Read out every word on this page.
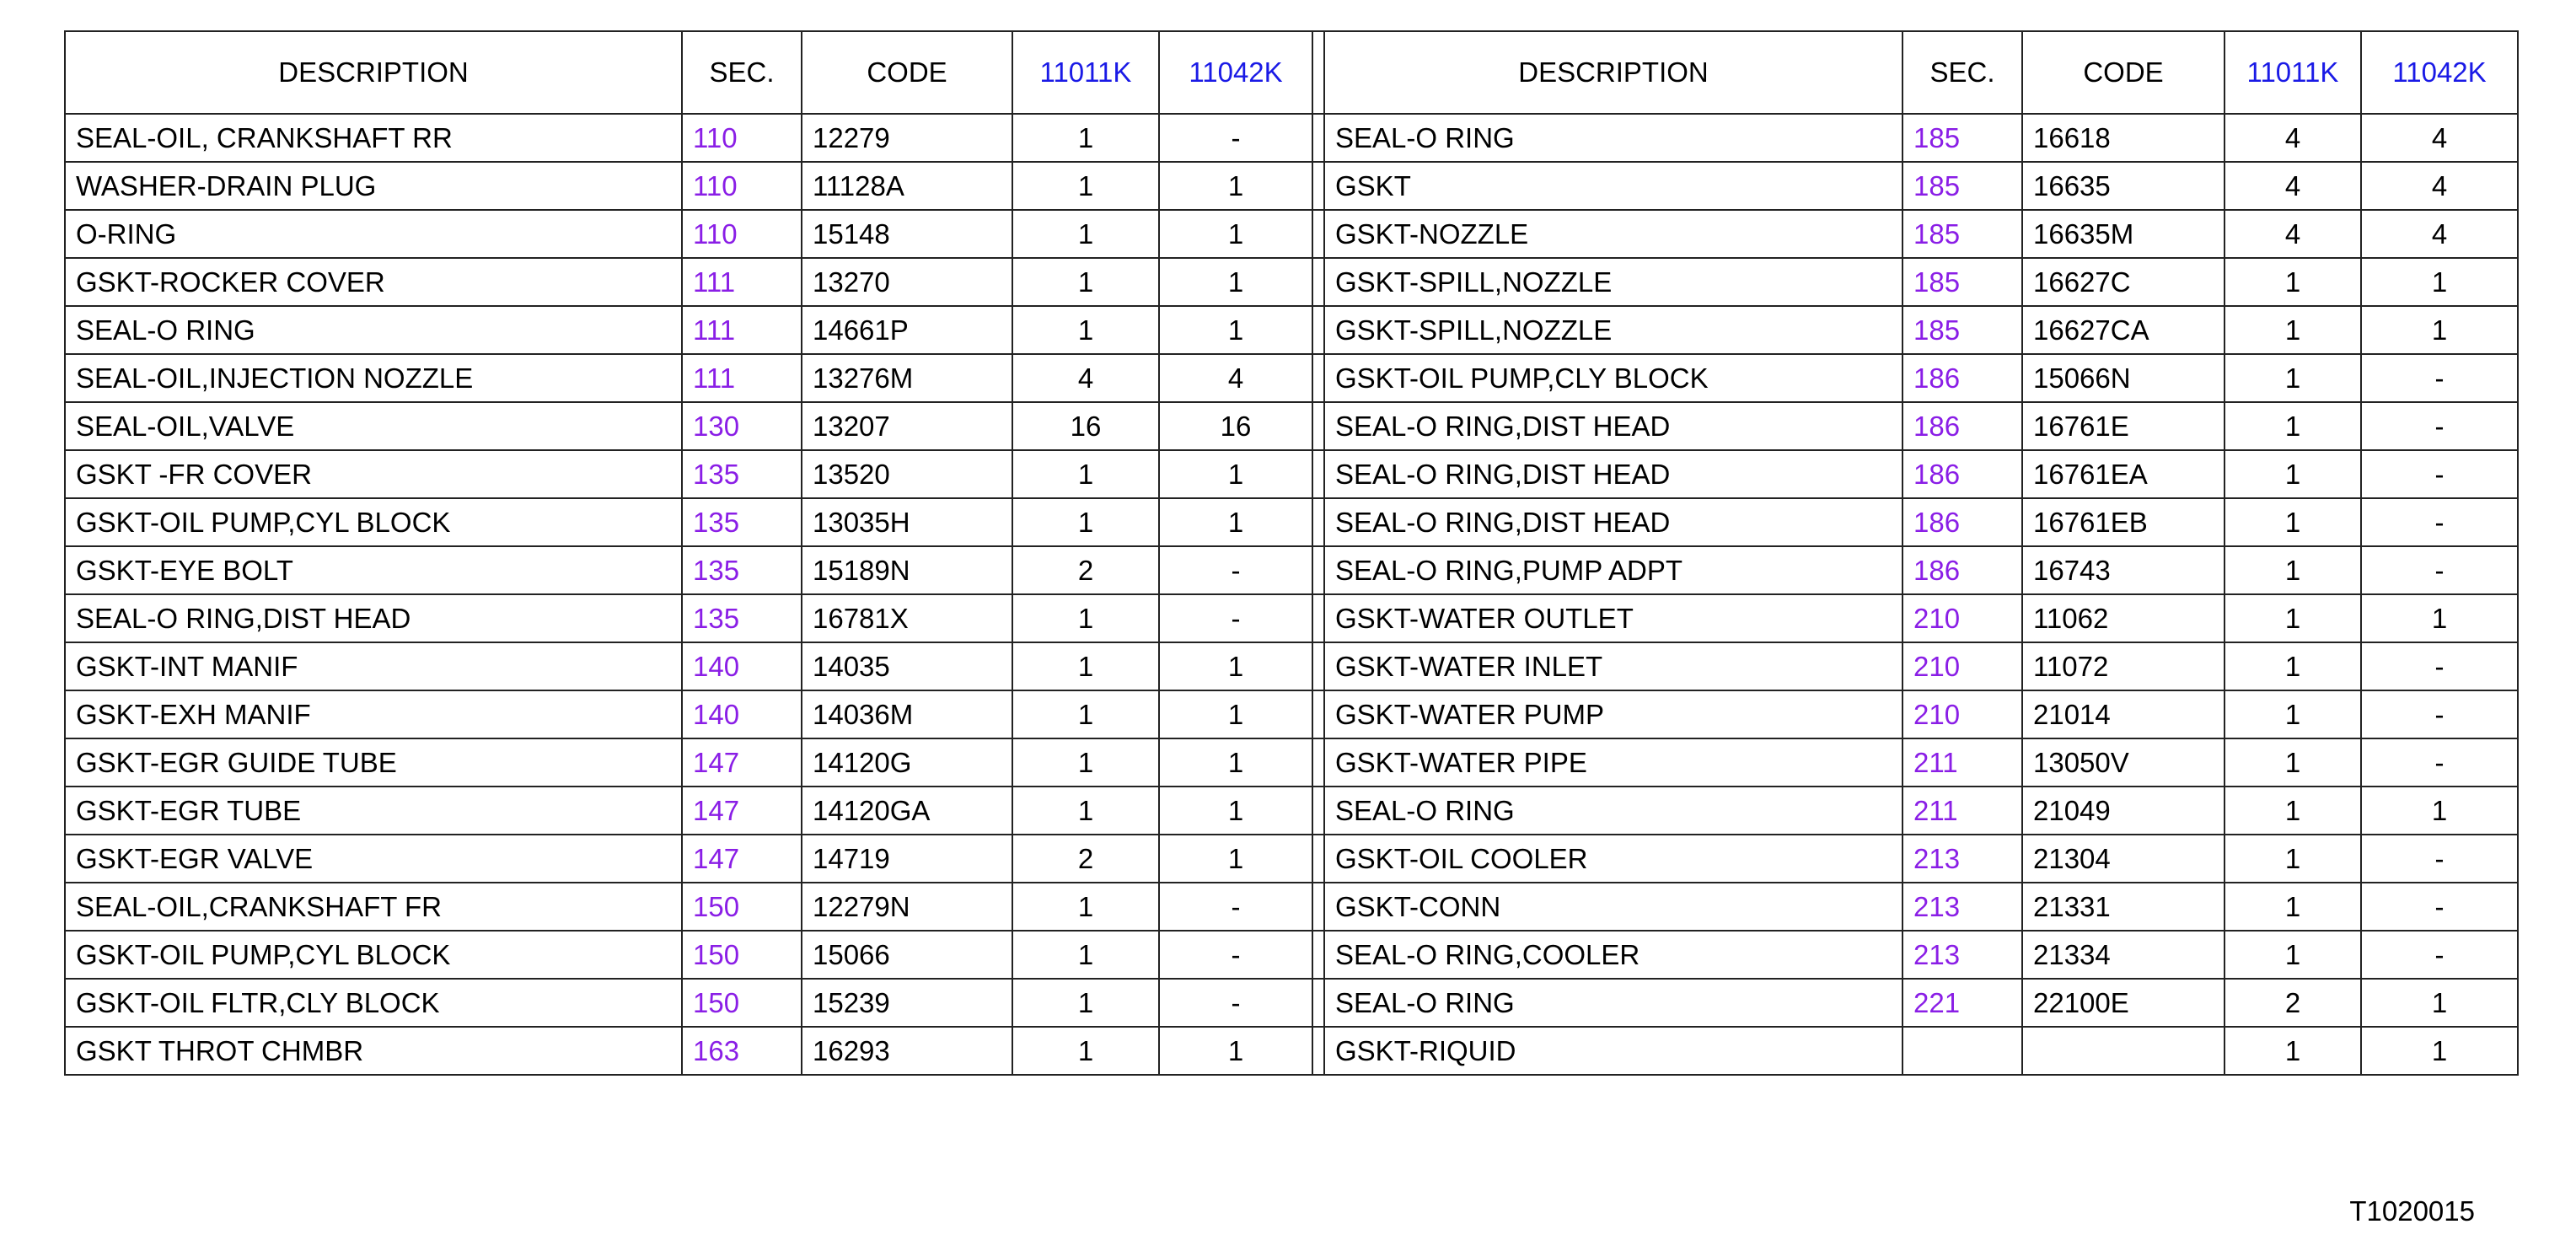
DESCRIPTION	SEC.	CODE	11011K	11042K		DESCRIPTION	SEC.	CODE	11011K	11042K
SEAL-OIL, CRANKSHAFT RR	110	12279	1	-		SEAL-O RING	185	16618	4	4
WASHER-DRAIN PLUG	110	11128A	1	1		GSKT	185	16635	4	4
O-RING	110	15148	1	1		GSKT-NOZZLE	185	16635M	4	4
GSKT-ROCKER COVER	111	13270	1	1		GSKT-SPILL,NOZZLE	185	16627C	1	1
SEAL-O RING	111	14661P	1	1		GSKT-SPILL,NOZZLE	185	16627CA	1	1
SEAL-OIL,INJECTION NOZZLE	111	13276M	4	4		GSKT-OIL PUMP,CLY BLOCK	186	15066N	1	-
SEAL-OIL,VALVE	130	13207	16	16		SEAL-O RING,DIST HEAD	186	16761E	1	-
GSKT -FR COVER	135	13520	1	1		SEAL-O RING,DIST HEAD	186	16761EA	1	-
GSKT-OIL PUMP,CYL BLOCK	135	13035H	1	1		SEAL-O RING,DIST HEAD	186	16761EB	1	-
GSKT-EYE BOLT	135	15189N	2	-		SEAL-O RING,PUMP ADPT	186	16743	1	-
SEAL-O RING,DIST HEAD	135	16781X	1	-		GSKT-WATER OUTLET	210	11062	1	1
GSKT-INT MANIF	140	14035	1	1		GSKT-WATER INLET	210	11072	1	-
GSKT-EXH MANIF	140	14036M	1	1		GSKT-WATER PUMP	210	21014	1	-
GSKT-EGR GUIDE TUBE	147	14120G	1	1		GSKT-WATER PIPE	211	13050V	1	-
GSKT-EGR TUBE	147	14120GA	1	1		SEAL-O RING	211	21049	1	1
GSKT-EGR VALVE	147	14719	2	1		GSKT-OIL COOLER	213	21304	1	-
SEAL-OIL,CRANKSHAFT FR	150	12279N	1	-		GSKT-CONN	213	21331	1	-
GSKT-OIL PUMP,CYL BLOCK	150	15066	1	-		SEAL-O RING,COOLER	213	21334	1	-
GSKT-OIL FLTR,CLY BLOCK	150	15239	1	-		SEAL-O RING	221	22100E	2	1
GSKT THROT CHMBR	163	16293	1	1		GSKT-RIQUID			1	1
T1020015
